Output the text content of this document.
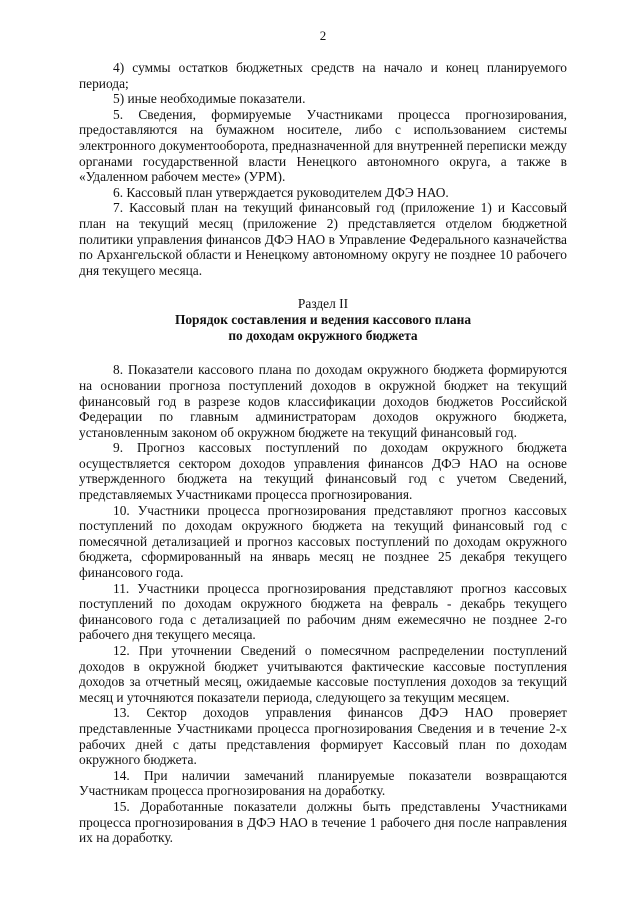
2

4) суммы остатков бюджетных средств на начало и конец планируемого периода;

5) иные необходимые показатели.

5. Сведения, формируемые Участниками процесса прогнозирования, предоставляются на бумажном носителе, либо с использованием системы электронного документооборота, предназначенной для внутренней переписки между органами государственной власти Ненецкого автономного округа, а также в «Удаленном рабочем месте» (УРМ).

6. Кассовый план утверждается руководителем ДФЭ НАО.

7. Кассовый план на текущий финансовый год (приложение 1) и Кассовый план на текущий месяц (приложение 2) представляется отделом бюджетной политики управления финансов ДФЭ НАО в Управление Федерального казначейства по Архангельской области и Ненецкому автономному округу не позднее 10 рабочего дня текущего месяца.

Раздел II

Порядок составления и ведения кассового плана

по доходам окружного бюджета

8. Показатели кассового плана по доходам окружного бюджета формируются на основании прогноза поступлений доходов в окружной бюджет на текущий финансовый год в разрезе кодов классификации доходов бюджетов Российской Федерации по главным администраторам доходов окружного бюджета, установленным законом об окружном бюджете на текущий финансовый год.

9. Прогноз кассовых поступлений по доходам окружного бюджета осуществляется сектором доходов управления финансов ДФЭ НАО на основе утвержденного бюджета на текущий финансовый год с учетом Сведений, представляемых Участниками процесса прогнозирования.

10. Участники процесса прогнозирования представляют прогноз кассовых поступлений по доходам окружного бюджета на текущий финансовый год с помесячной детализацией и прогноз кассовых поступлений по доходам окружного бюджета, сформированный на январь месяц не позднее 25 декабря текущего финансового года.

11. Участники процесса прогнозирования представляют прогноз кассовых поступлений по доходам окружного бюджета на февраль - декабрь текущего финансового года с детализацией по рабочим дням ежемесячно не позднее 2-го рабочего дня текущего месяца.

12. При уточнении Сведений о помесячном распределении поступлений доходов в окружной бюджет учитываются фактические кассовые поступления доходов за отчетный месяц, ожидаемые кассовые поступления доходов за текущий месяц и уточняются показатели периода, следующего за текущим месяцем.

13. Сектор доходов управления финансов ДФЭ НАО проверяет представленные Участниками процесса прогнозирования Сведения и в течение 2-х рабочих дней с даты представления формирует Кассовый план по доходам окружного бюджета.

14. При наличии замечаний планируемые показатели возвращаются Участникам процесса прогнозирования на доработку.

15. Доработанные показатели должны быть представлены Участниками процесса прогнозирования в ДФЭ НАО в течение 1 рабочего дня после направления их на доработку.
